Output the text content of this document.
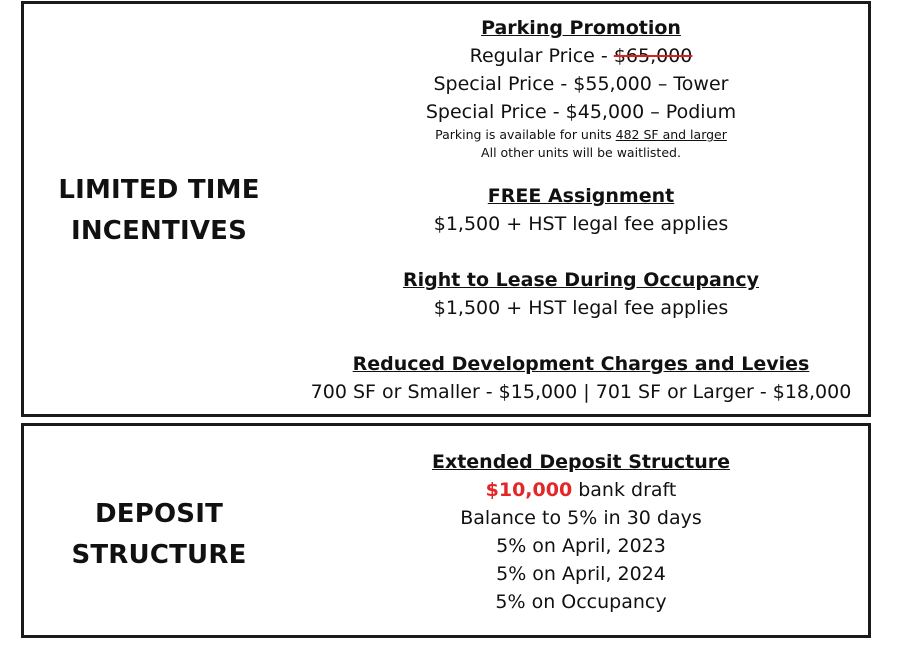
LIMITED TIME
INCENTIVES
Parking Promotion
Regular Price - $65,000
Special Price - $55,000 – Tower
Special Price - $45,000 – Podium
Parking is available for units 482 SF and larger
All other units will be waitlisted.
FREE Assignment
$1,500 + HST legal fee applies
Right to Lease During Occupancy
$1,500 + HST legal fee applies
Reduced Development Charges and Levies
700 SF or Smaller - $15,000 | 701 SF or Larger - $18,000
DEPOSIT
STRUCTURE
Extended Deposit Structure
$10,000 bank draft
Balance to 5% in 30 days
5% on April, 2023
5% on April, 2024
5% on Occupancy
